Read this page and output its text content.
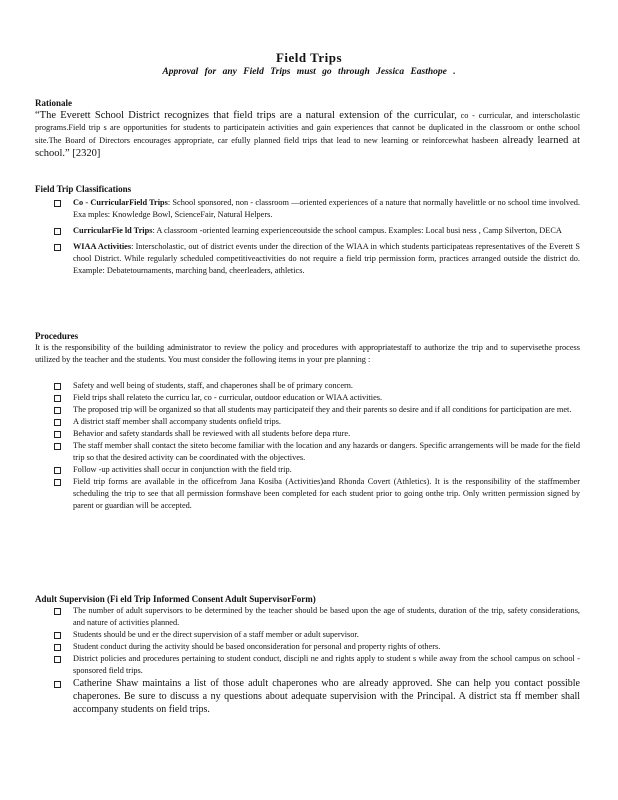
Field Trips
Approval for any Field Trips must go through Jessica Easthope .

Rationale

“The Everett School District recognizes that field trips are a natural extension of the curricular, co - curricular, and interscholastic programs.Field trip s are opportunities for students to participatein activities and gain experiences that cannot be duplicated in the classroom or onthe school site.The Board of Directors encourages appropriate, car efully planned field trips that lead to new learning or reinforcewhat hasbeen already learned at school.” [2320]

Field Trip Classifications

Co - CurricularField Trips: School sponsored, non - classroom —oriented experiences of a nature that normally havelittle or no school time involved. Exa mples: Knowledge Bowl, ScienceFair, Natural Helpers.
CurricularFie ld Trips: A classroom -oriented learning experienceoutside the school campus. Examples: Local busi ness , Camp Silverton, DECA
WIAA Activities: Interscholastic, out of district events under the direction of the WIAA in which students participateas representatives of the Everett S chool District. While regularly scheduled competitiveactivities do not require a field trip permission form, practices arranged outside the district do. Example: Debatetournaments, marching band, cheerleaders, athletics.

Procedures

It is the responsibility of the building administrator to review the policy and procedures with appropriatestaff to authorize the trip and to supervisethe process utilized by the teacher and the students. You must consider the following items in your pre planning :

Safety and well being of students, staff, and chaperones shall be of primary concern.
Field trips shall relateto the curricu lar, co - curricular, outdoor education or WIAA activities.
The proposed trip will be organized so that all students may participateif they and their parents so desire and if all conditions for participation are met.
A district staff member shall accompany students onfield trips.
Behavior and safety standards shall be reviewed with all students before depa rture.
The staff member shall contact the siteto become familiar with the location and any hazards or dangers. Specific arrangements will be made for the field trip so that the desired activity can be coordinated with the objectives.
Follow -up activities shall occur in conjunction with the field trip.
Field trip forms are available in the officefrom Jana Kosiba (Activities)and Rhonda Covert (Athletics). It is the responsibility of the staffmember scheduling the trip to see that all permission formshave been completed for each student prior to going onthe trip. Only written permission signed by parent or guardian will be accepted.

Adult Supervision (Fi eld Trip Informed Consent Adult SupervisorForm)

The number of adult supervisors to be determined by the teacher should be based upon the age of students, duration of the trip, safety considerations, and nature of activities planned.
Students should be und er the direct supervision of a staff member or adult supervisor.
Student conduct during the activity should be based onconsideration for personal and property rights of others.
District policies and procedures pertaining to student conduct, discipli ne and rights apply to student s while away from the school campus on school -sponsored field trips.
Catherine Shaw maintains a list of those adult chaperones who are already approved. She can help you contact possible chaperones. Be sure to discuss a ny questions about adequate supervision with the Principal. A district sta ff member shall accompany students on field trips.
